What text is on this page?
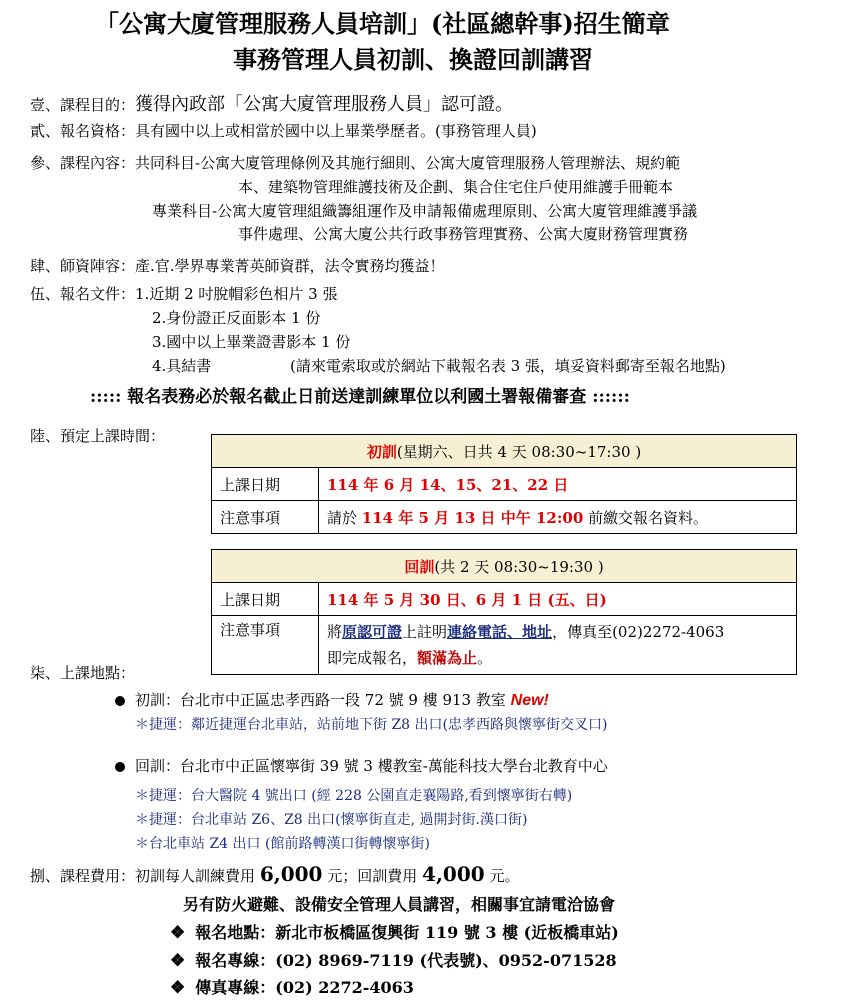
「公寓大廈管理服務人員培訓」(社區總幹事)招生簡章
事務管理人員初訓、換證回訓講習
壹、課程目的：獲得內政部「公寓大廈管理服務人員」認可證。
貳、報名資格：具有國中以上或相當於國中以上畢業學歷者。(事務管理人員)
參、課程內容：共同科目-公寓大廈管理條例及其施行細則、公寓大廈管理服務人管理辦法、規約範
本、建築物管理維護技術及企劃、集合住宅住戶使用維護手冊範本
專業科目-公寓大廈管理組織籌組運作及申請報備處理原則、公寓大廈管理維護爭議
事件處理、公寓大廈公共行政事務管理實務、公寓大廈財務管理實務
肆、師資陣容：產.官.學界專業菁英師資群，法令實務均獲益！
伍、報名文件：1.近期 2 吋脫帽彩色相片 3 張
2.身份證正反面影本 1 份
3.國中以上畢業證書影本 1 份
4.具結書	(請來電索取或於網站下載報名表 3 張，填妥資料郵寄至報名地點)
::::: 報名表務必於報名截止日前送達訓練單位以利國土署報備審查 ::::::
陸、預定上課時間：
初訓(星期六、日共 4 天 08:30~17:30 )	
上課日期	114 年 6 月 14、15、21、22 日
注意事項	請於 114 年 5 月 13 日 中午 12:00 前繳交報名資料。
回訓(共 2 天 08:30~19:30 )	
上課日期	114 年 5 月 30 日、6 月 1 日 (五、日)
注意事項	將原認可證上註明連絡電話、地址，傳真至(02)2272-4063
即完成報名，額滿為止。
柒、上課地點：
初訓：台北市中正區忠孝西路一段 72 號 9 樓 913 教室 New!
＊捷運：鄰近捷運台北車站，站前地下街 Z8 出口(忠孝西路與懷寧街交叉口)
回訓：台北市中正區懷寧街 39 號 3 樓教室-萬能科技大學台北教育中心
＊捷運：台大醫院 4 號出口 (經 228 公園直走襄陽路,看到懷寧街右轉)
＊捷運：台北車站 Z6、Z8 出口(懷寧街直走, 過開封街.漢口街)
＊台北車站 Z4 出口 (館前路轉漢口街轉懷寧街)
捌、課程費用：初訓每人訓練費用 6,000 元；回訓費用 4,000 元。
另有防火避難、設備安全管理人員講習，相關事宜請電洽協會
❖ 報名地點：新北市板橋區復興街 119 號 3 樓 (近板橋車站)
❖ 報名專線：(02) 8969-7119 (代表號)、0952-071528
❖ 傳真專線：(02) 2272-4063
